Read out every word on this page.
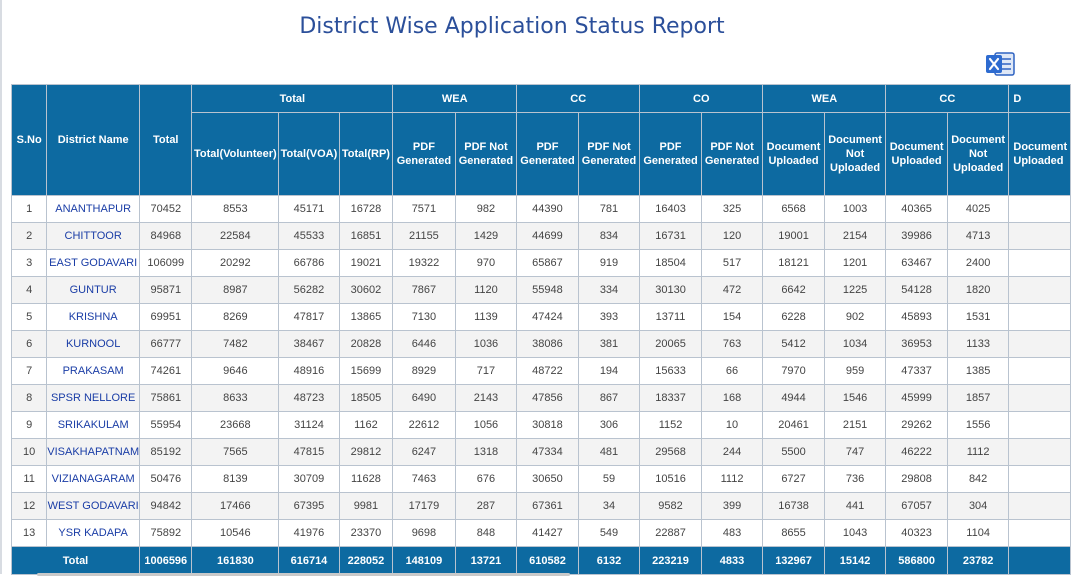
District Wise Application Status Report
S.No	District Name	Total	Total			WEA		CC		CO		WEA		CC		D
			Total(Volunteer)	Total(VOA)	Total(RP)	PDF Generated	PDF Not Generated	PDF Generated	PDF Not Generated	PDF Generated	PDF Not Generated	Document Uploaded	Document Not Uploaded	Document Uploaded	Document Not Uploaded	Document Uploaded
1	ANANTHAPUR	70452	8553	45171	16728	7571	982	44390	781	16403	325	6568	1003	40365	4025	
2	CHITTOOR	84968	22584	45533	16851	21155	1429	44699	834	16731	120	19001	2154	39986	4713	
3	EAST GODAVARI	106099	20292	66786	19021	19322	970	65867	919	18504	517	18121	1201	63467	2400	
4	GUNTUR	95871	8987	56282	30602	7867	1120	55948	334	30130	472	6642	1225	54128	1820	
5	KRISHNA	69951	8269	47817	13865	7130	1139	47424	393	13711	154	6228	902	45893	1531	
6	KURNOOL	66777	7482	38467	20828	6446	1036	38086	381	20065	763	5412	1034	36953	1133	
7	PRAKASAM	74261	9646	48916	15699	8929	717	48722	194	15633	66	7970	959	47337	1385	
8	SPSR NELLORE	75861	8633	48723	18505	6490	2143	47856	867	18337	168	4944	1546	45999	1857	
9	SRIKAKULAM	55954	23668	31124	1162	22612	1056	30818	306	1152	10	20461	2151	29262	1556	
10	VISAKHAPATNAM	85192	7565	47815	29812	6247	1318	47334	481	29568	244	5500	747	46222	1112	
11	VIZIANAGARAM	50476	8139	30709	11628	7463	676	30650	59	10516	1112	6727	736	29808	842	
12	WEST GODAVARI	94842	17466	67395	9981	17179	287	67361	34	9582	399	16738	441	67057	304	
13	YSR KADAPA	75892	10546	41976	23370	9698	848	41427	549	22887	483	8655	1043	40323	1104	
Total		1006596	161830	616714	228052	148109	13721	610582	6132	223219	4833	132967	15142	586800	23782	
